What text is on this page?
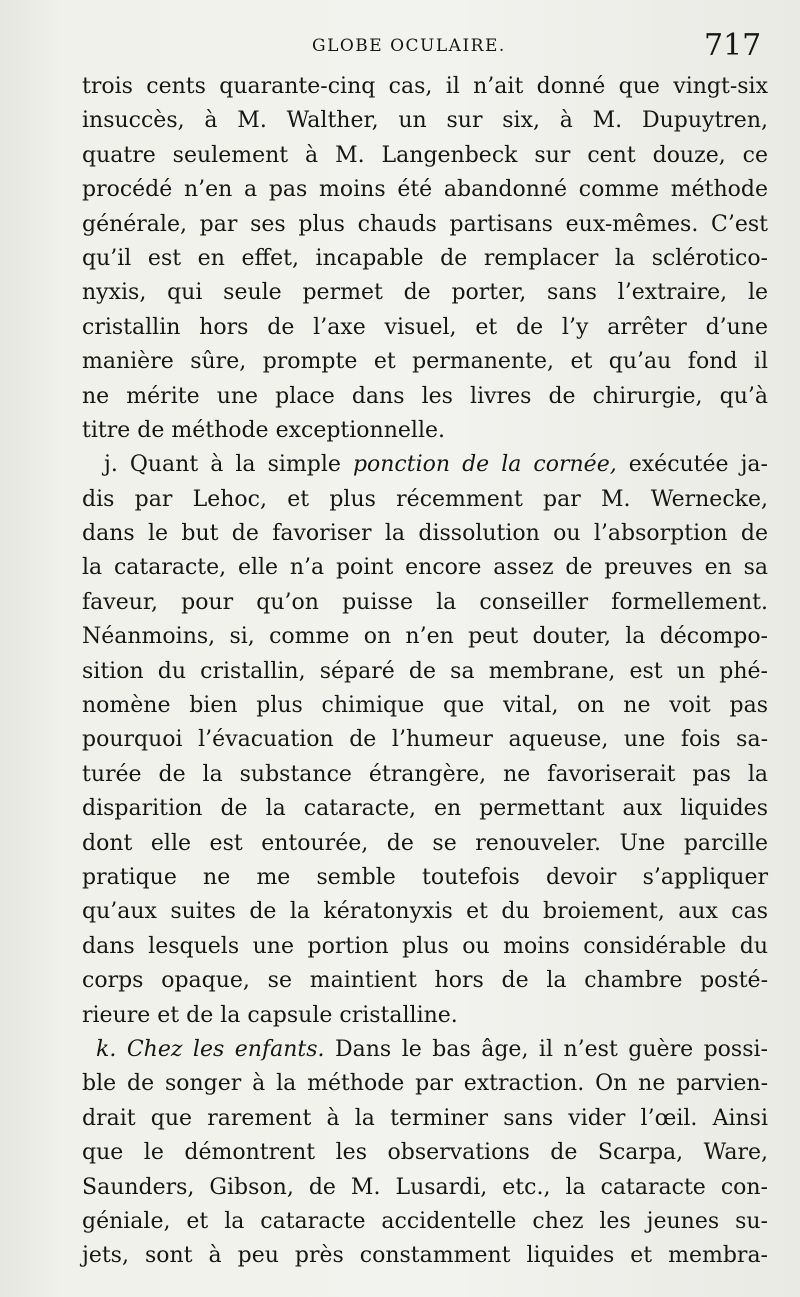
GLOBE OCULAIRE.	717
trois cents quarante-cinq cas, il n’ait donné que vingt-six
insuccès, à M. Walther, un sur six, à M. Dupuytren,
quatre seulement à M. Langenbeck sur cent douze, ce
procédé n’en a pas moins été abandonné comme méthode
générale, par ses plus chauds partisans eux-mêmes. C’est
qu’il est en effet, incapable de remplacer la scléroticо-
nyxis, qui seule permet de porter, sans l’extraire, le
cristallin hors de l’axe visuel, et de l’y arrêter d’une
manière sûre, prompte et permanente, et qu’au fond il
ne mérite une place dans les livres de chirurgie, qu’à
titre de méthode exceptionnelle.
j. Quant à la simple ponction de la cornée, exécutée ja-
dis par Lehoc, et plus récemment par M. Wernecke,
dans le but de favoriser la dissolution ou l’absorption de
la cataracte, elle n’a point encore assez de preuves en sa
faveur, pour qu’on puisse la conseiller formellement.
Néanmoins, si, comme on n’en peut douter, la décompo-
sition du cristallin, séparé de sa membrane, est un phé-
nomène bien plus chimique que vital, on ne voit pas
pourquoi l’évacuation de l’humeur aqueuse, une fois sa-
turée de la substance étrangère, ne favoriserait pas la
disparition de la cataracte, en permettant aux liquides
dont elle est entourée, de se renouveler. Une parcille
pratique ne me semble toutefois devoir s’appliquer
qu’aux suites de la kératonyxis et du broiement, aux cas
dans lesquels une portion plus ou moins considérable du
corps opaque, se maintient hors de la chambre posté-
rieure et de la capsule cristalline.
k. Chez les enfants. Dans le bas âge, il n’est guère possi-
ble de songer à la méthode par extraction. On ne parvien-
drait que rarement à la terminer sans vider l’œil. Ainsi
que le démontrent les observations de Scarpa, Ware,
Saunders, Gibson, de M. Lusardi, etc., la cataracte con-
géniale, et la cataracte accidentelle chez les jeunes su-
jets, sont à peu près constamment liquides et membra-
